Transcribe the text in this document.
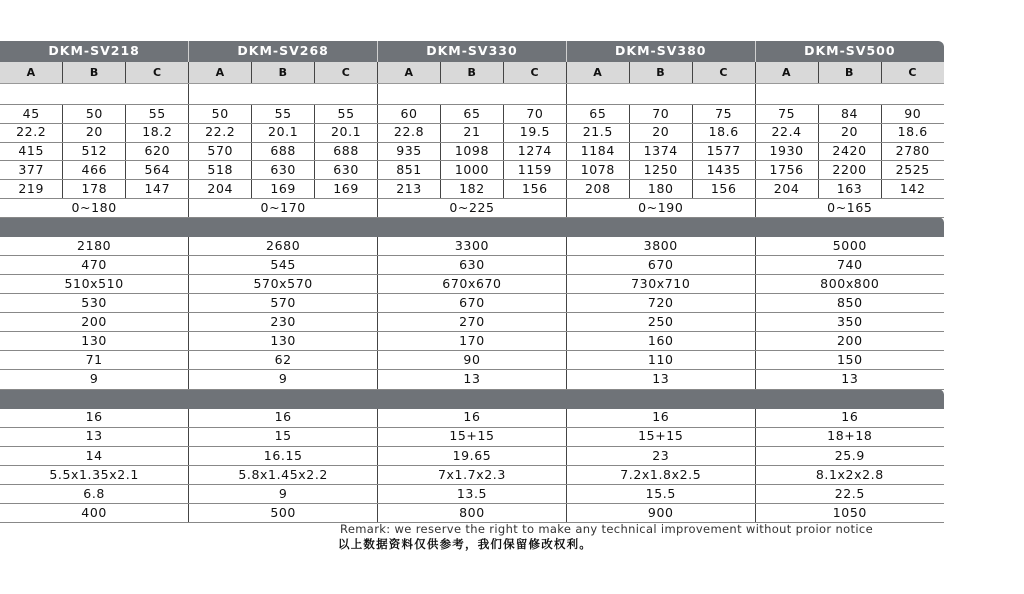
DKM-SV218			DKM-SV268			DKM-SV330			DKM-SV380			DKM-SV500		
A	B	C	A	B	C	A	B	C	A	B	C	A	B	C

45	50	55	50	55	55	60	65	70	65	70	75	75	84	90
22.2	20	18.2	22.2	20.1	20.1	22.8	21	19.5	21.5	20	18.6	22.4	20	18.6
415	512	620	570	688	688	935	1098	1274	1184	1374	1577	1930	2420	2780
377	466	564	518	630	630	851	1000	1159	1078	1250	1435	1756	2200	2525
219	178	147	204	169	169	213	182	156	208	180	156	204	163	142
0~180			0~170			0~225			0~190			0~165		

2180			2680			3300			3800			5000		
470			545			630			670			740		
510x510			570x570			670x670			730x710			800x800		
530			570			670			720			850		
200			230			270			250			350		
130			130			170			160			200		
71			62			90			110			150		
9			9			13			13			13		

16			16			16			16			16		
13			15			15+15			15+15			18+18		
14			16.15			19.65			23			25.9		
5.5x1.35x2.1			5.8x1.45x2.2			7x1.7x2.3			7.2x1.8x2.5			8.1x2x2.8		
6.8			9			13.5			15.5			22.5		
400			500			800			900			1050		
Remark: we reserve the right to make any technical improvement without proior notice
以上数据资料仅供参考，我们保留修改权利。
